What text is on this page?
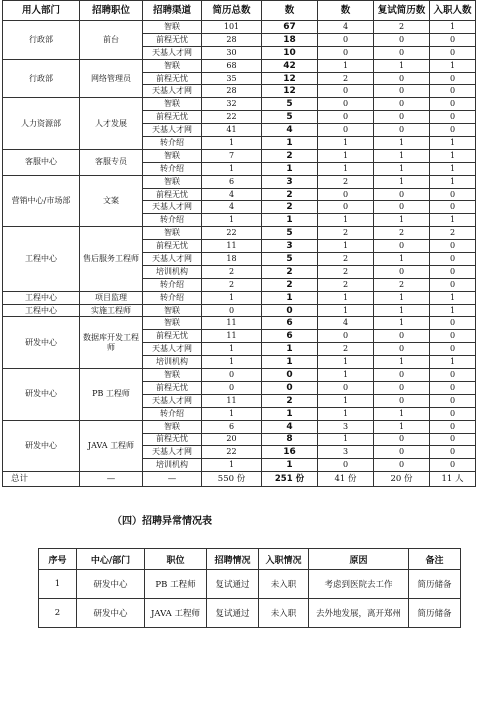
用人部门	招聘职位	招聘渠道	简历总数	数	数	复试简历数	入职人数
行政部	前台	智联	101	67	4	2	1
		前程无忧	28	18	0	0	0
		天基人才网	30	10	0	0	0
行政部	网络管理员	智联	68	42	1	1	1
		前程无忧	35	12	2	0	0
		天基人才网	28	12	0	0	0
人力资源部	人才发展	智联	32	5	0	0	0
		前程无忧	22	5	0	0	0
		天基人才网	41	4	0	0	0
		转介绍	1	1	1	1	1
客服中心	客服专员	智联	7	2	1	1	1
		转介绍	1	1	1	1	1
营销中心/市场部	文案	智联	6	3	2	1	1
		前程无忧	4	2	0	0	0
		天基人才网	4	2	0	0	0
		转介绍	1	1	1	1	1
工程中心	售后服务工程师	智联	22	5	2	2	2
		前程无忧	11	3	1	0	0
		天基人才网	18	5	2	1	0
		培训机构	2	2	2	0	0
		转介绍	2	2	2	2	0
工程中心	项目监理	转介绍	1	1	1	1	1
工程中心	实施工程师	智联	0	0	1	1	1
研发中心	数据库开发工程师	智联	11	6	4	1	0
		前程无忧	11	6	0	0	0
		天基人才网	1	1	2	0	0
		培训机构	1	1	1	1	1
研发中心	PB 工程师	智联	0	0	1	0	0
		前程无忧	0	0	0	0	0
		天基人才网	11	2	1	0	0
		转介绍	1	1	1	1	0
研发中心	JAVA 工程师	智联	6	4	3	1	0
		前程无忧	20	8	1	0	0
		天基人才网	22	16	3	0	0
		培训机构	1	1	0	0	0
总计	—	—	550 份	251 份	41 份	20 份	11 人
（四）招聘异常情况表
序号	中心/部门	职位	招聘情况	入职情况	原因	备注
1	研发中心	PB 工程师	复试通过	未入职	考虑到医院去工作	简历储备
2	研发中心	JAVA 工程师	复试通过	未入职	去外地发展，离开郑州	简历储备
